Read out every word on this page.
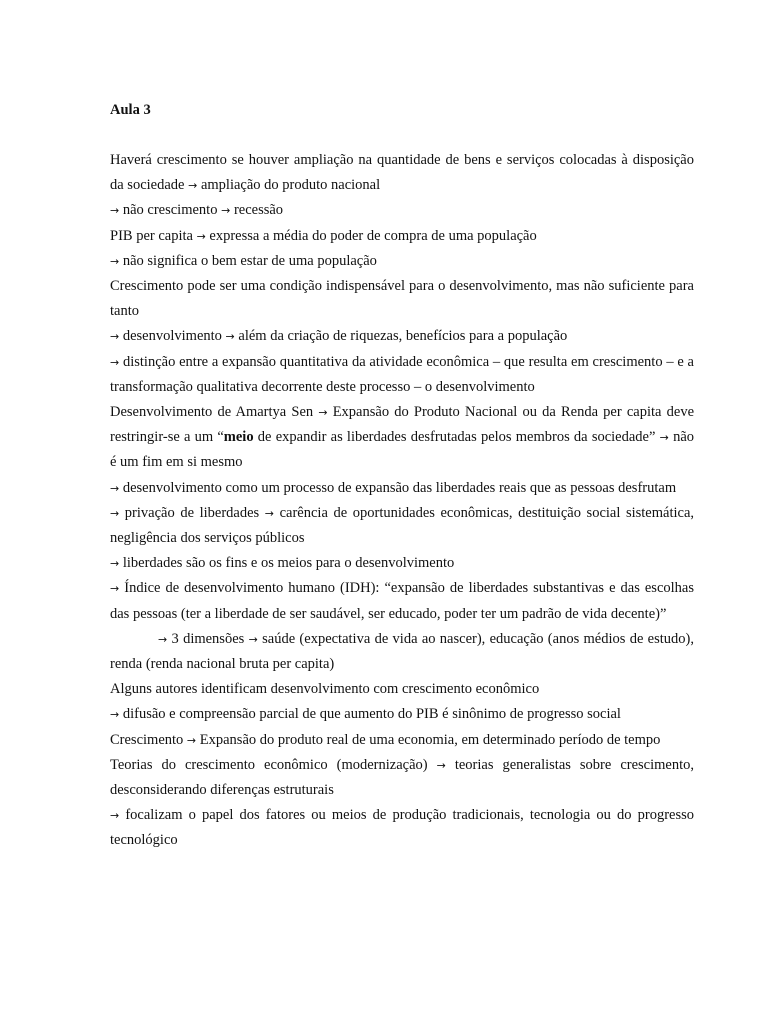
Aula 3

Haverá crescimento se houver ampliação na quantidade de bens e serviços colocadas à disposição da sociedade → ampliação do produto nacional

→ não crescimento → recessão

PIB per capita → expressa a média do poder de compra de uma população

→ não significa o bem estar de uma população

Crescimento pode ser uma condição indispensável para o desenvolvimento, mas não suficiente para tanto

→ desenvolvimento → além da criação de riquezas, benefícios para a população

→ distinção entre a expansão quantitativa da atividade econômica – que resulta em crescimento – e a transformação qualitativa decorrente deste processo – o desenvolvimento

Desenvolvimento de Amartya Sen → Expansão do Produto Nacional ou da Renda per capita deve restringir-se a um “meio de expandir as liberdades desfrutadas pelos membros da sociedade” → não é um fim em si mesmo

→ desenvolvimento como um processo de expansão das liberdades reais que as pessoas desfrutam

→ privação de liberdades → carência de oportunidades econômicas, destituição social sistemática, negligência dos serviços públicos

→ liberdades são os fins e os meios para o desenvolvimento

→ Índice de desenvolvimento humano (IDH): “expansão de liberdades substantivas e das escolhas das pessoas (ter a liberdade de ser saudável, ser educado, poder ter um padrão de vida decente)”

→ 3 dimensões → saúde (expectativa de vida ao nascer), educação (anos médios de estudo), renda (renda nacional bruta per capita)

Alguns autores identificam desenvolvimento com crescimento econômico

→ difusão e compreensão parcial de que aumento do PIB é sinônimo de progresso social

Crescimento → Expansão do produto real de uma economia, em determinado período de tempo

Teorias do crescimento econômico (modernização) → teorias generalistas sobre crescimento, desconsiderando diferenças estruturais

→ focalizam o papel dos fatores ou meios de produção tradicionais, tecnologia ou do progresso tecnológico
